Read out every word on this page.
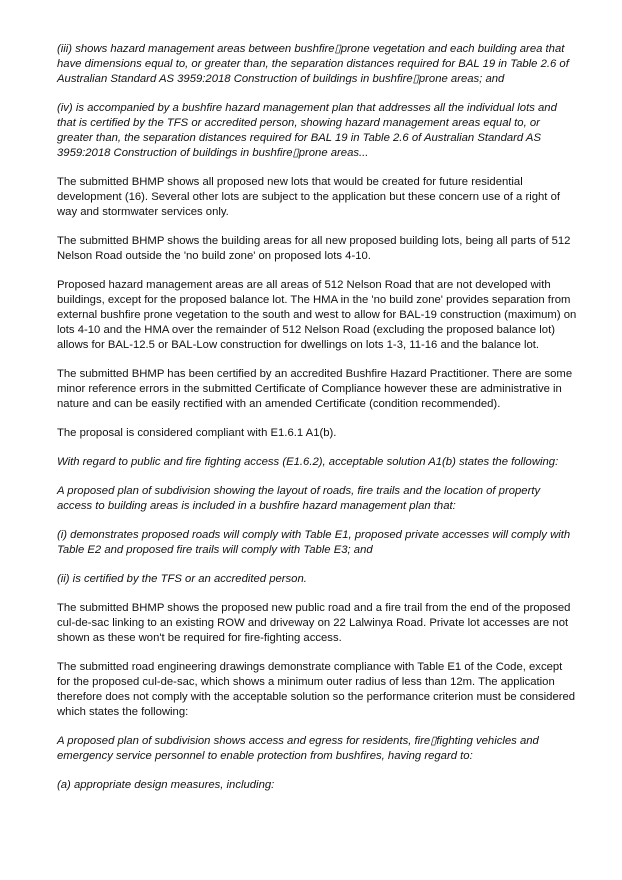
(iii) shows hazard management areas between bushfire▯prone vegetation and each building area that have dimensions equal to, or greater than, the separation distances required for BAL 19 in Table 2.6 of Australian Standard AS 3959:2018 Construction of buildings in bushfire▯prone areas; and

(iv) is accompanied by a bushfire hazard management plan that addresses all the individual lots and that is certified by the TFS or accredited person, showing hazard management areas equal to, or greater than, the separation distances required for BAL 19 in Table 2.6 of Australian Standard AS 3959:2018 Construction of buildings in bushfire▯prone areas...

The submitted BHMP shows all proposed new lots that would be created for future residential development (16). Several other lots are subject to the application but these concern use of a right of way and stormwater services only.

The submitted BHMP shows the building areas for all new proposed building lots, being all parts of 512 Nelson Road outside the 'no build zone' on proposed lots 4-10.

Proposed hazard management areas are all areas of 512 Nelson Road that are not developed with buildings, except for the proposed balance lot. The HMA in the 'no build zone' provides separation from external bushfire prone vegetation to the south and west to allow for BAL-19 construction (maximum) on lots 4-10 and the HMA over the remainder of 512 Nelson Road (excluding the proposed balance lot) allows for BAL-12.5 or BAL-Low construction for dwellings on lots 1-3, 11-16 and the balance lot.

The submitted BHMP has been certified by an accredited Bushfire Hazard Practitioner. There are some minor reference errors in the submitted Certificate of Compliance however these are administrative in nature and can be easily rectified with an amended Certificate (condition recommended).

The proposal is considered compliant with E1.6.1 A1(b).

With regard to public and fire fighting access (E1.6.2), acceptable solution A1(b) states the following:

A proposed plan of subdivision showing the layout of roads, fire trails and the location of property access to building areas is included in a bushfire hazard management plan that:

(i) demonstrates proposed roads will comply with Table E1, proposed private accesses will comply with Table E2 and proposed fire trails will comply with Table E3; and

(ii) is certified by the TFS or an accredited person.

The submitted BHMP shows the proposed new public road and a fire trail from the end of the proposed cul-de-sac linking to an existing ROW and driveway on 22 Lalwinya Road. Private lot accesses are not shown as these won't be required for fire-fighting access.

The submitted road engineering drawings demonstrate compliance with Table E1 of the Code, except for the proposed cul-de-sac, which shows a minimum outer radius of less than 12m. The application therefore does not comply with the acceptable solution so the performance criterion must be considered which states the following:

A proposed plan of subdivision shows access and egress for residents, fire▯fighting vehicles and emergency service personnel to enable protection from bushfires, having regard to:

(a) appropriate design measures, including:
